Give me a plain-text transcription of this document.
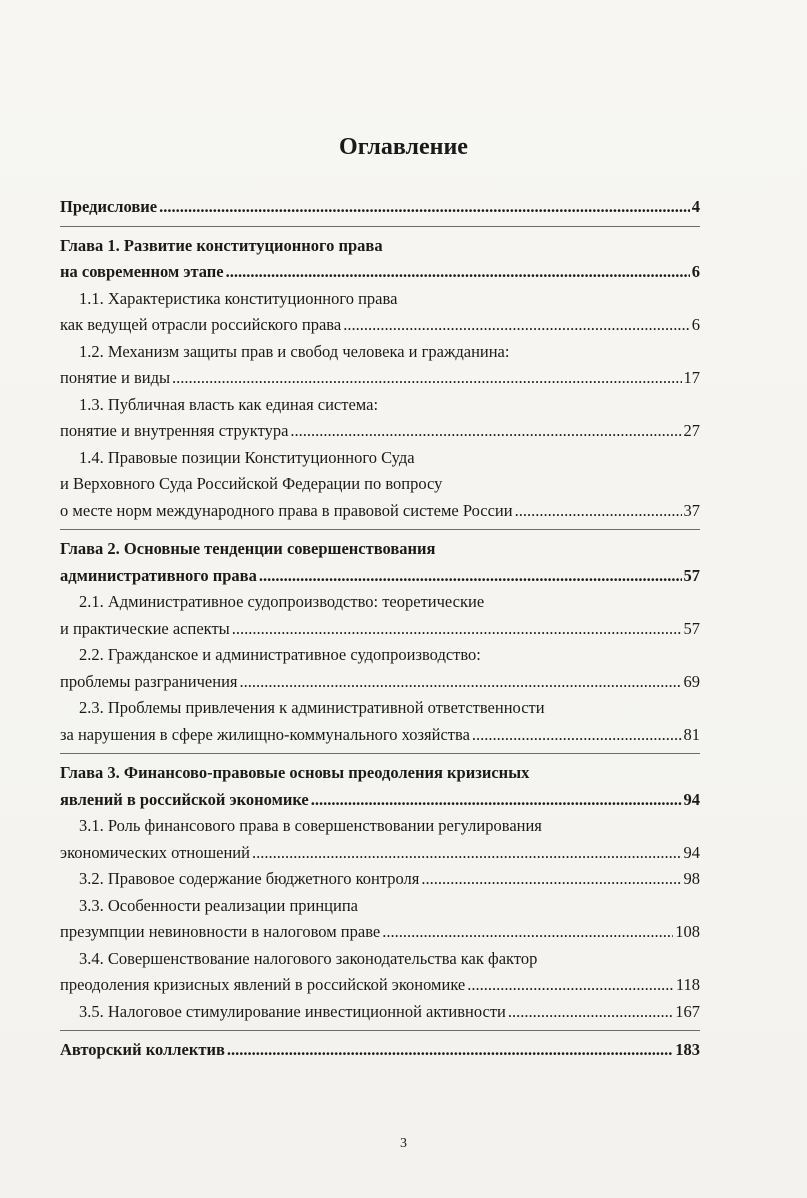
Оглавление
Предисловие .....	4
Глава 1. Развитие конституционного права
на современном этапе .....	6
1.1. Характеристика конституционного права
как ведущей отрасли российского права .....	6
1.2. Механизм защиты прав и свобод человека и гражданина:
понятие и виды .....	17
1.3. Публичная власть как единая система:
понятие и внутренняя структура .....	27
1.4. Правовые позиции Конституционного Суда
и Верховного Суда Российской Федерации по вопросу
о месте норм международного права в правовой системе России .....	37
Глава 2. Основные тенденции совершенствования
административного права .....	57
2.1. Административное судопроизводство: теоретические
и практические аспекты .....	57
2.2. Гражданское и административное судопроизводство:
проблемы разграничения .....	69
2.3. Проблемы привлечения к административной ответственности
за нарушения в сфере жилищно-коммунального хозяйства .....	81
Глава 3. Финансово-правовые основы преодоления кризисных
явлений в российской экономике .....	94
3.1. Роль финансового права в совершенствовании регулирования
экономических отношений .....	94
3.2. Правовое содержание бюджетного контроля .....	98
3.3. Особенности реализации принципа
презумпции невиновности в налоговом праве .....	108
3.4. Совершенствование налогового законодательства как фактор
преодоления кризисных явлений в российской экономике .....	118
3.5. Налоговое стимулирование инвестиционной активности .....	167
Авторский коллектив .....	183
3
